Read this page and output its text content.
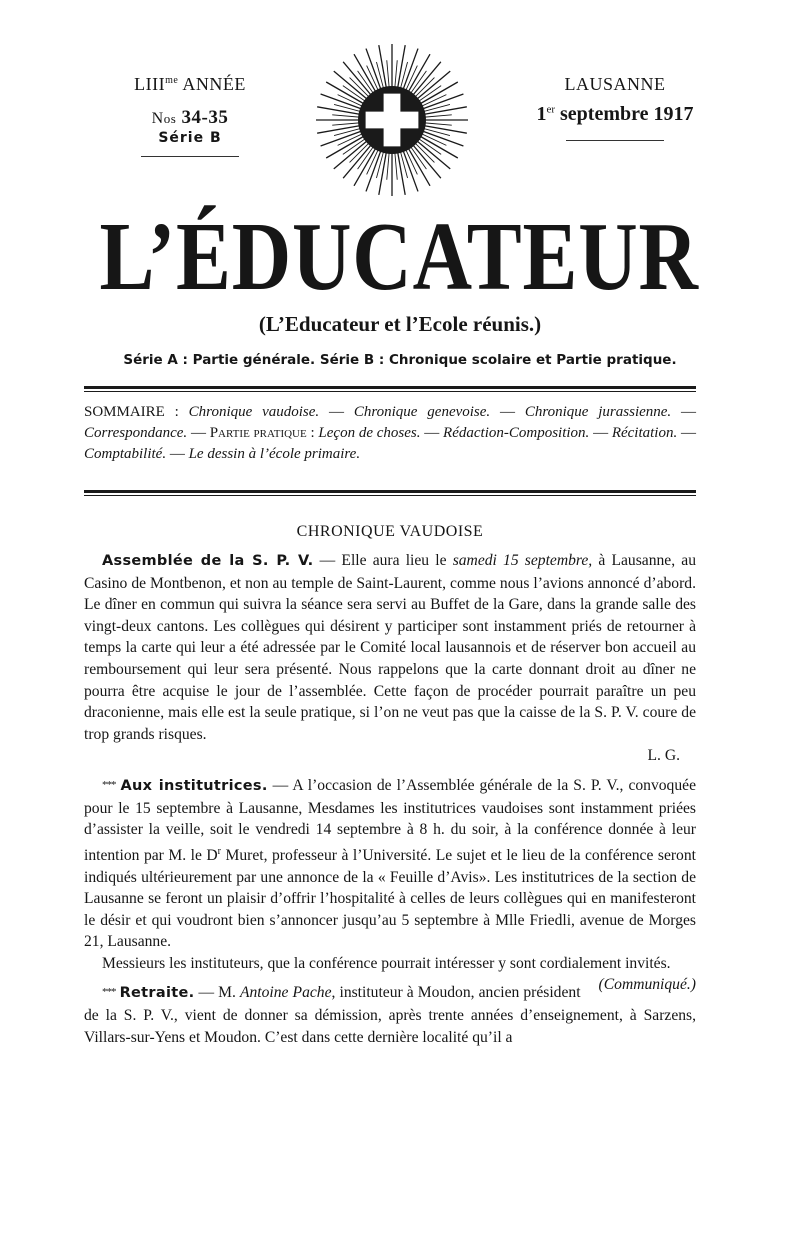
$LIII^{me}$ ANNÉE
Nos 34-35
Série B
LAUSANNE
1er septembre 1917
L’ÉDUCATEUR
(L’Educateur et l’Ecole réunis.)
Série A : Partie générale. Série B : Chronique scolaire et Partie pratique.
SOMMAIRE : Chronique vaudoise. — Chronique genevoise. — Chronique jurassienne. — Correspondance. — Partie pratique : Leçon de choses. — Rédaction-Composition. — Récitation. — Comptabilité. — Le dessin à l’école primaire.
CHRONIQUE VAUDOISE

Assemblée de la S. P. V. — Elle aura lieu le samedi 15 septembre, à Lausanne, au Casino de Montbenon, et non au temple de Saint-Laurent, comme nous l’avions annoncé d’abord. Le dîner en commun qui suivra la séance sera servi au Buffet de la Gare, dans la grande salle des vingt-deux cantons. Les collègues qui désirent y participer sont instamment priés de retourner à temps la carte qui leur a été adressée par le Comité local lausannois et de réserver bon accueil au remboursement qui leur sera présenté. Nous rappelons que la carte donnant droit au dîner ne pourra être acquise le jour de l’assemblée. Cette façon de procéder pourrait paraître un peu draconienne, mais elle est la seule pratique, si l’on ne veut pas que la caisse de la S. P. V. coure de trop grands risques.

L. G.

*** Aux institutrices. — A l’occasion de l’Assemblée générale de la S. P. V., convoquée pour le 15 septembre à Lausanne, Mesdames les institutrices vaudoises sont instamment priées d’assister la veille, soit le vendredi 14 septembre à 8 h. du soir, à la conférence donnée à leur intention par M. le $D^r$ Muret, professeur à l’Université. Le sujet et le lieu de la conférence seront indiqués ultérieurement par une annonce de la « Feuille d’Avis». Les institutrices de la section de Lausanne se feront un plaisir d’offrir l’hospitalité à celles de leurs collègues qui en manifesteront le désir et qui voudront bien s’annoncer jusqu’au 5 septembre à Mlle Friedli, avenue de Morges 21, Lausanne.

Messieurs les instituteurs, que la conférence pourrait intéresser y sont cordialement invités.
(Communiqué.)

*** Retraite. — M. Antoine Pache, instituteur à Moudon, ancien président de la S. P. V., vient de donner sa démission, après trente années d’enseignement, à Sarzens, Villars-sur-Yens et Moudon. C’est dans cette dernière localité qu’il a
